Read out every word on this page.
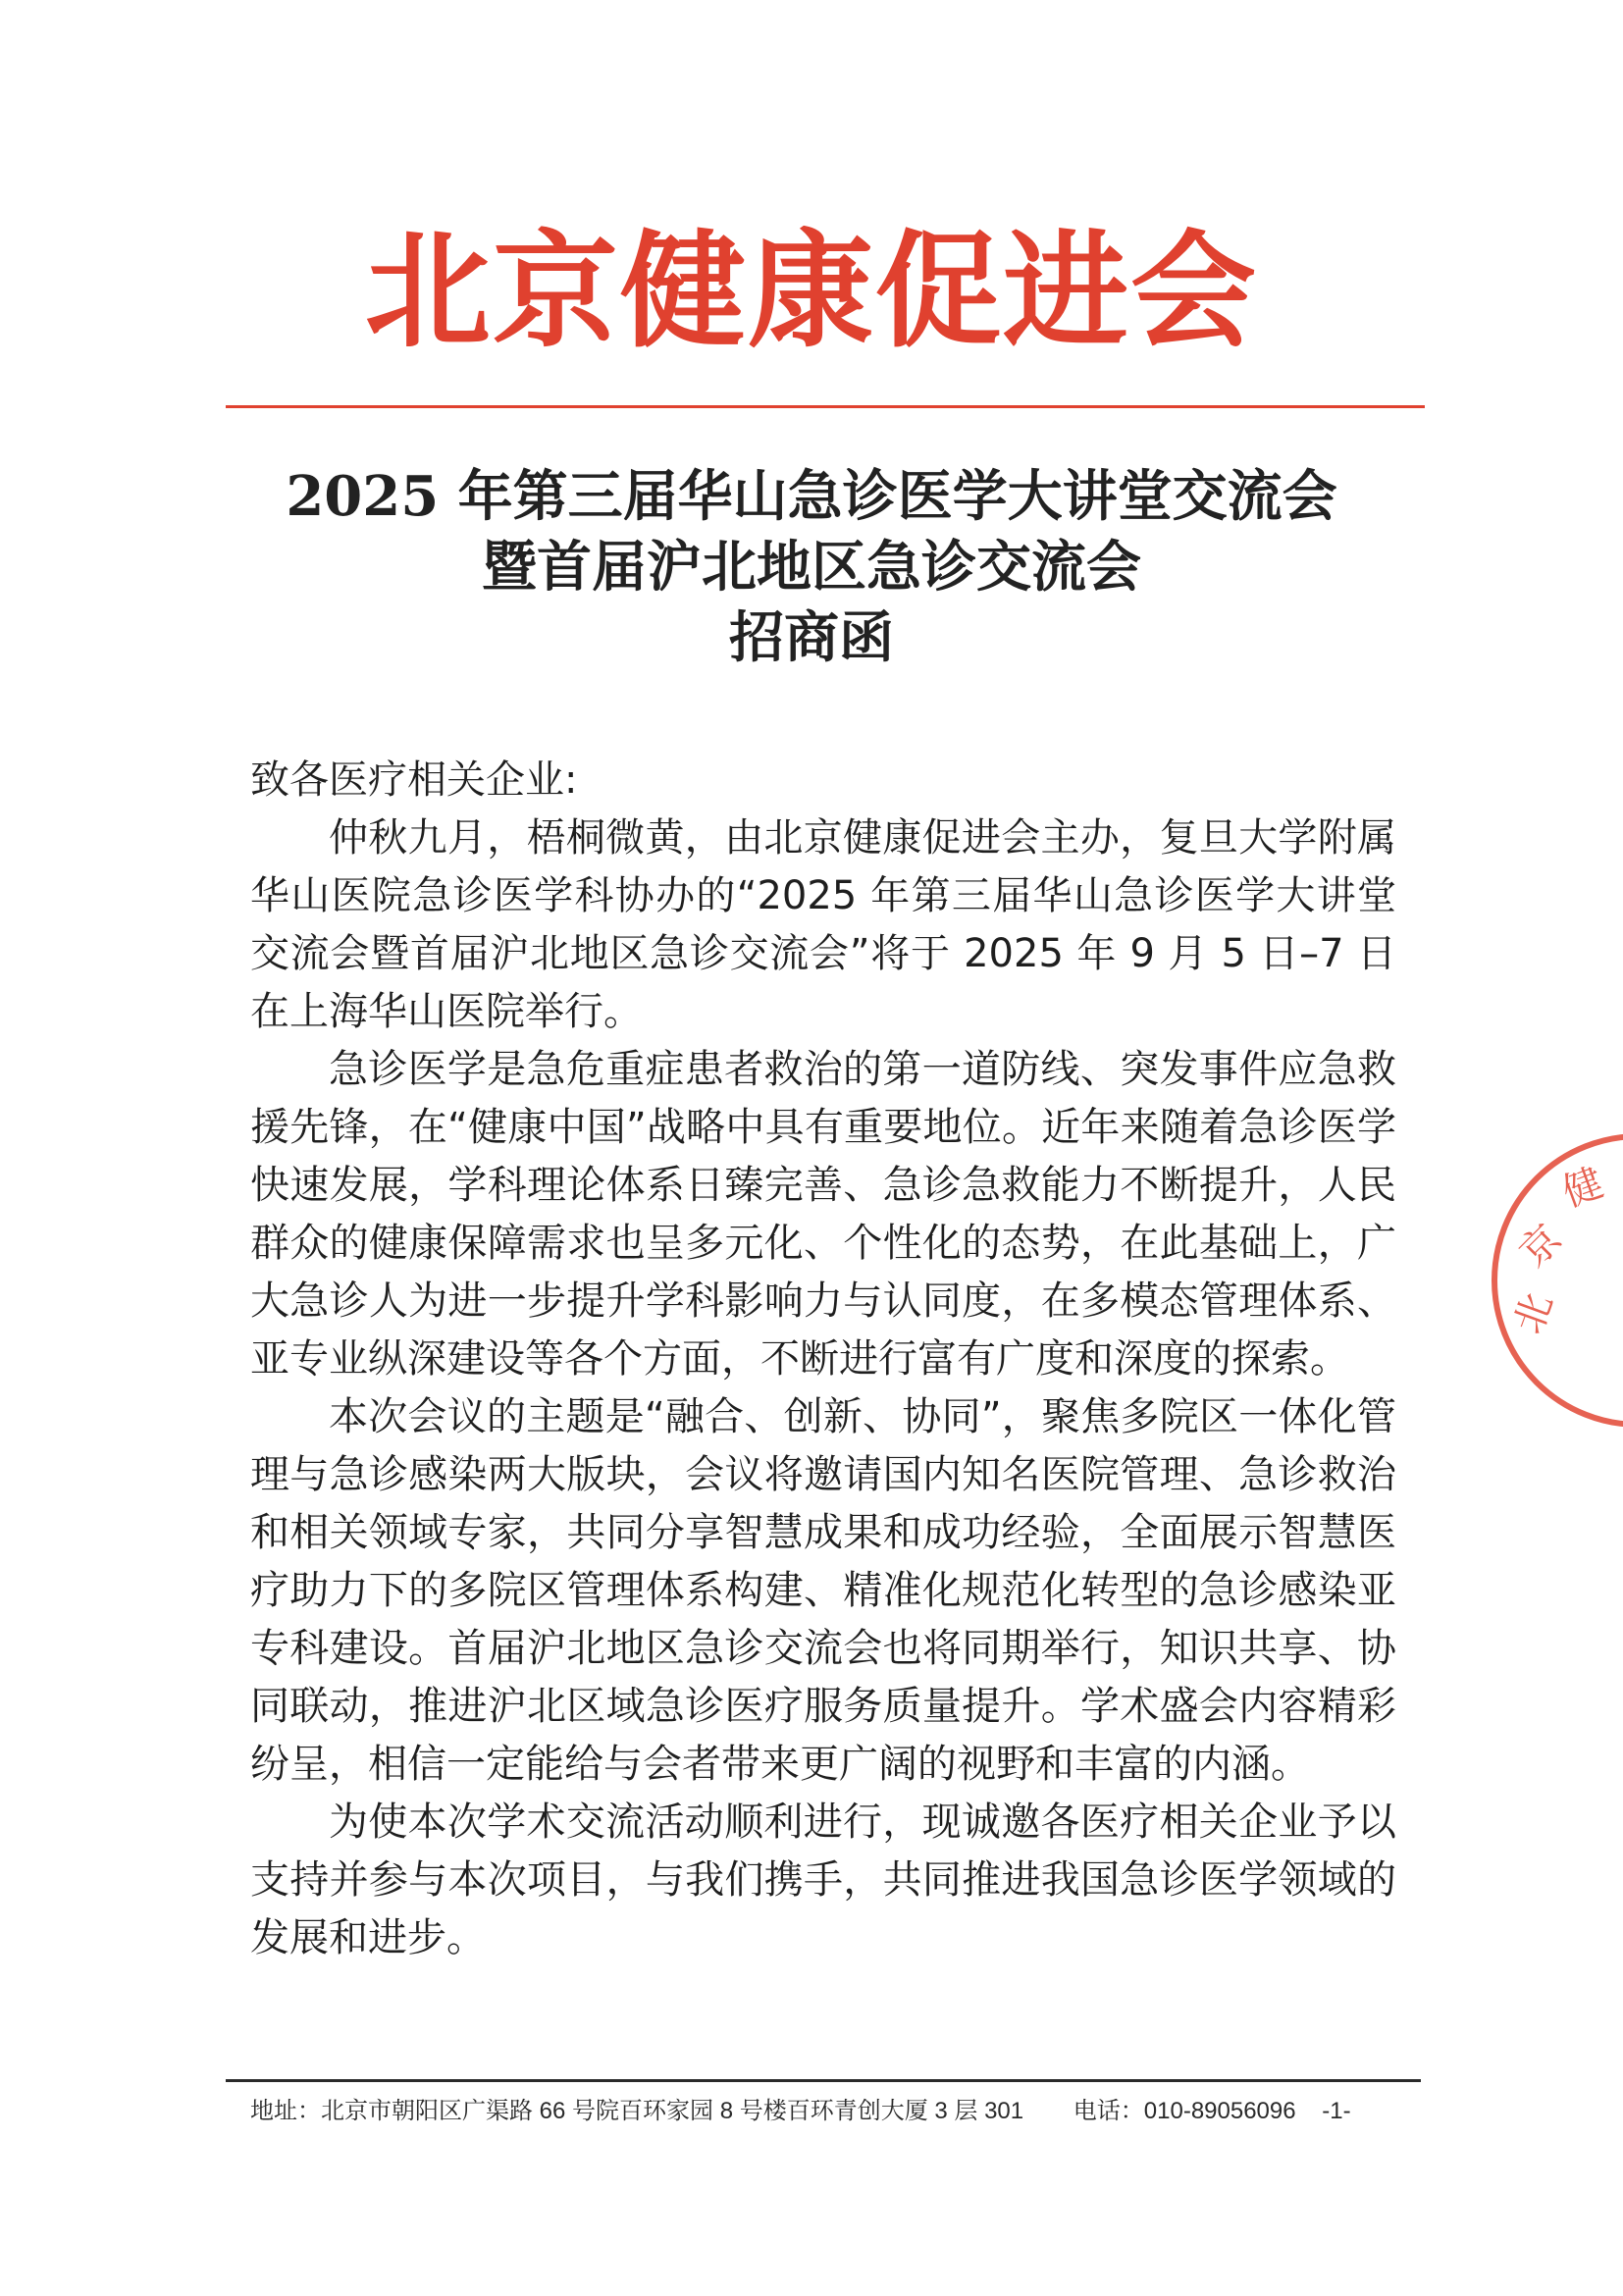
北京健康促进会
2025 年第三届华山急诊医学大讲堂交流会
暨首届沪北地区急诊交流会
招商函

致各医疗相关企业:

仲秋九月，梧桐微黄，由北京健康促进会主办，复旦大学附属华山医院急诊医学科协办的“2025 年第三届华山急诊医学大讲堂交流会暨首届沪北地区急诊交流会”将于 2025 年 9 月 5 日–7 日在上海华山医院举行。

急诊医学是急危重症患者救治的第一道防线、突发事件应急救援先锋，在“健康中国”战略中具有重要地位。近年来随着急诊医学快速发展，学科理论体系日臻完善、急诊急救能力不断提升，人民群众的健康保障需求也呈多元化、个性化的态势，在此基础上，广大急诊人为进一步提升学科影响力与认同度，在多模态管理体系、亚专业纵深建设等各个方面，不断进行富有广度和深度的探索。

本次会议的主题是“融合、创新、协同”，聚焦多院区一体化管理与急诊感染两大版块，会议将邀请国内知名医院管理、急诊救治和相关领域专家，共同分享智慧成果和成功经验，全面展示智慧医疗助力下的多院区管理体系构建、精准化规范化转型的急诊感染亚专科建设。首届沪北地区急诊交流会也将同期举行，知识共享、协同联动，推进沪北区域急诊医疗服务质量提升。学术盛会内容精彩纷呈，相信一定能给与会者带来更广阔的视野和丰富的内涵。

为使本次学术交流活动顺利进行，现诚邀各医疗相关企业予以支持并参与本次项目，与我们携手，共同推进我国急诊医学领域的发展和进步。

北
京
健
地址：北京市朝阳区广渠路 66 号院百环家园 8 号楼百环青创大厦 3 层 301 电话：010-89056096 -1-
